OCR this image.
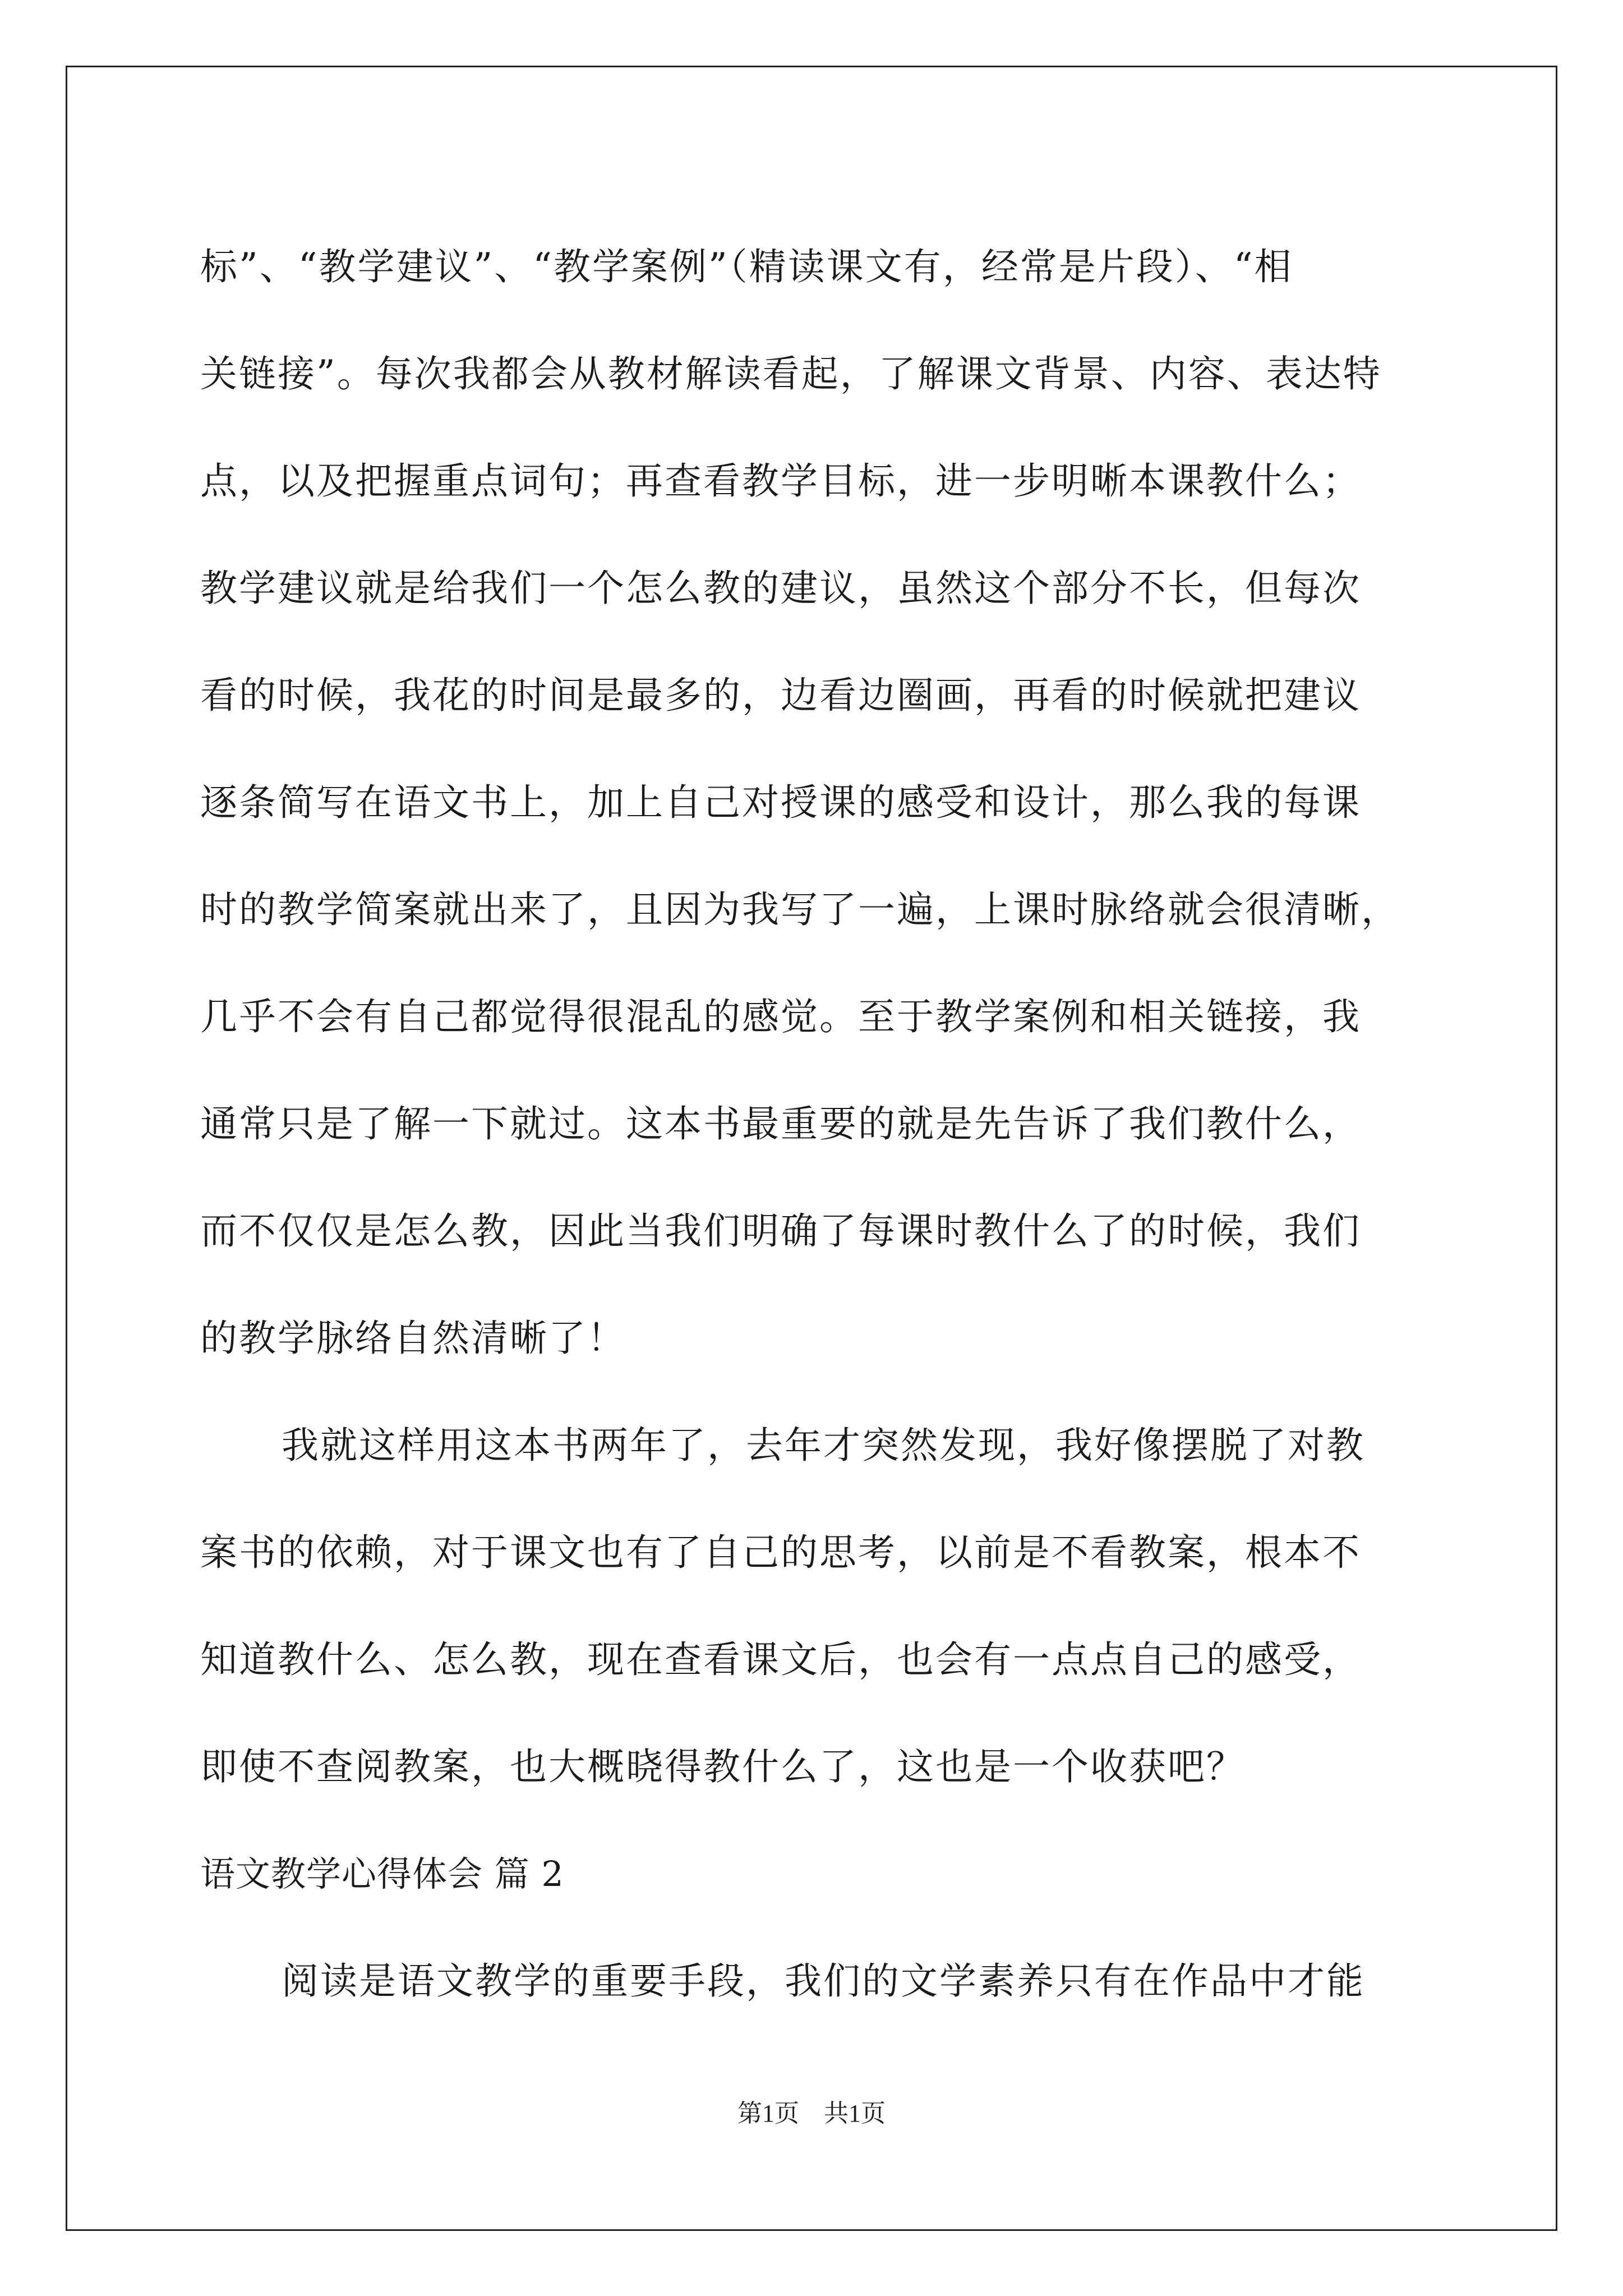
标”、“教学建议”、“教学案例”（精读课文有，经常是片段）、“相
关链接”。每次我都会从教材解读看起，了解课文背景、内容、表达特
点，以及把握重点词句；再查看教学目标，进一步明晰本课教什么；
教学建议就是给我们一个怎么教的建议，虽然这个部分不长，但每次
看的时候，我花的时间是最多的，边看边圈画，再看的时候就把建议
逐条简写在语文书上，加上自己对授课的感受和设计，那么我的每课
时的教学简案就出来了，且因为我写了一遍，上课时脉络就会很清晰，
几乎不会有自己都觉得很混乱的感觉。至于教学案例和相关链接，我
通常只是了解一下就过。这本书最重要的就是先告诉了我们教什么，
而不仅仅是怎么教，因此当我们明确了每课时教什么了的时候，我们
的教学脉络自然清晰了！
我就这样用这本书两年了，去年才突然发现，我好像摆脱了对教
案书的依赖，对于课文也有了自己的思考，以前是不看教案，根本不
知道教什么、怎么教，现在查看课文后，也会有一点点自己的感受，
即使不查阅教案，也大概晓得教什么了，这也是一个收获吧？
语文教学心得体会 篇 2
阅读是语文教学的重要手段，我们的文学素养只有在作品中才能
第1页　共1页
